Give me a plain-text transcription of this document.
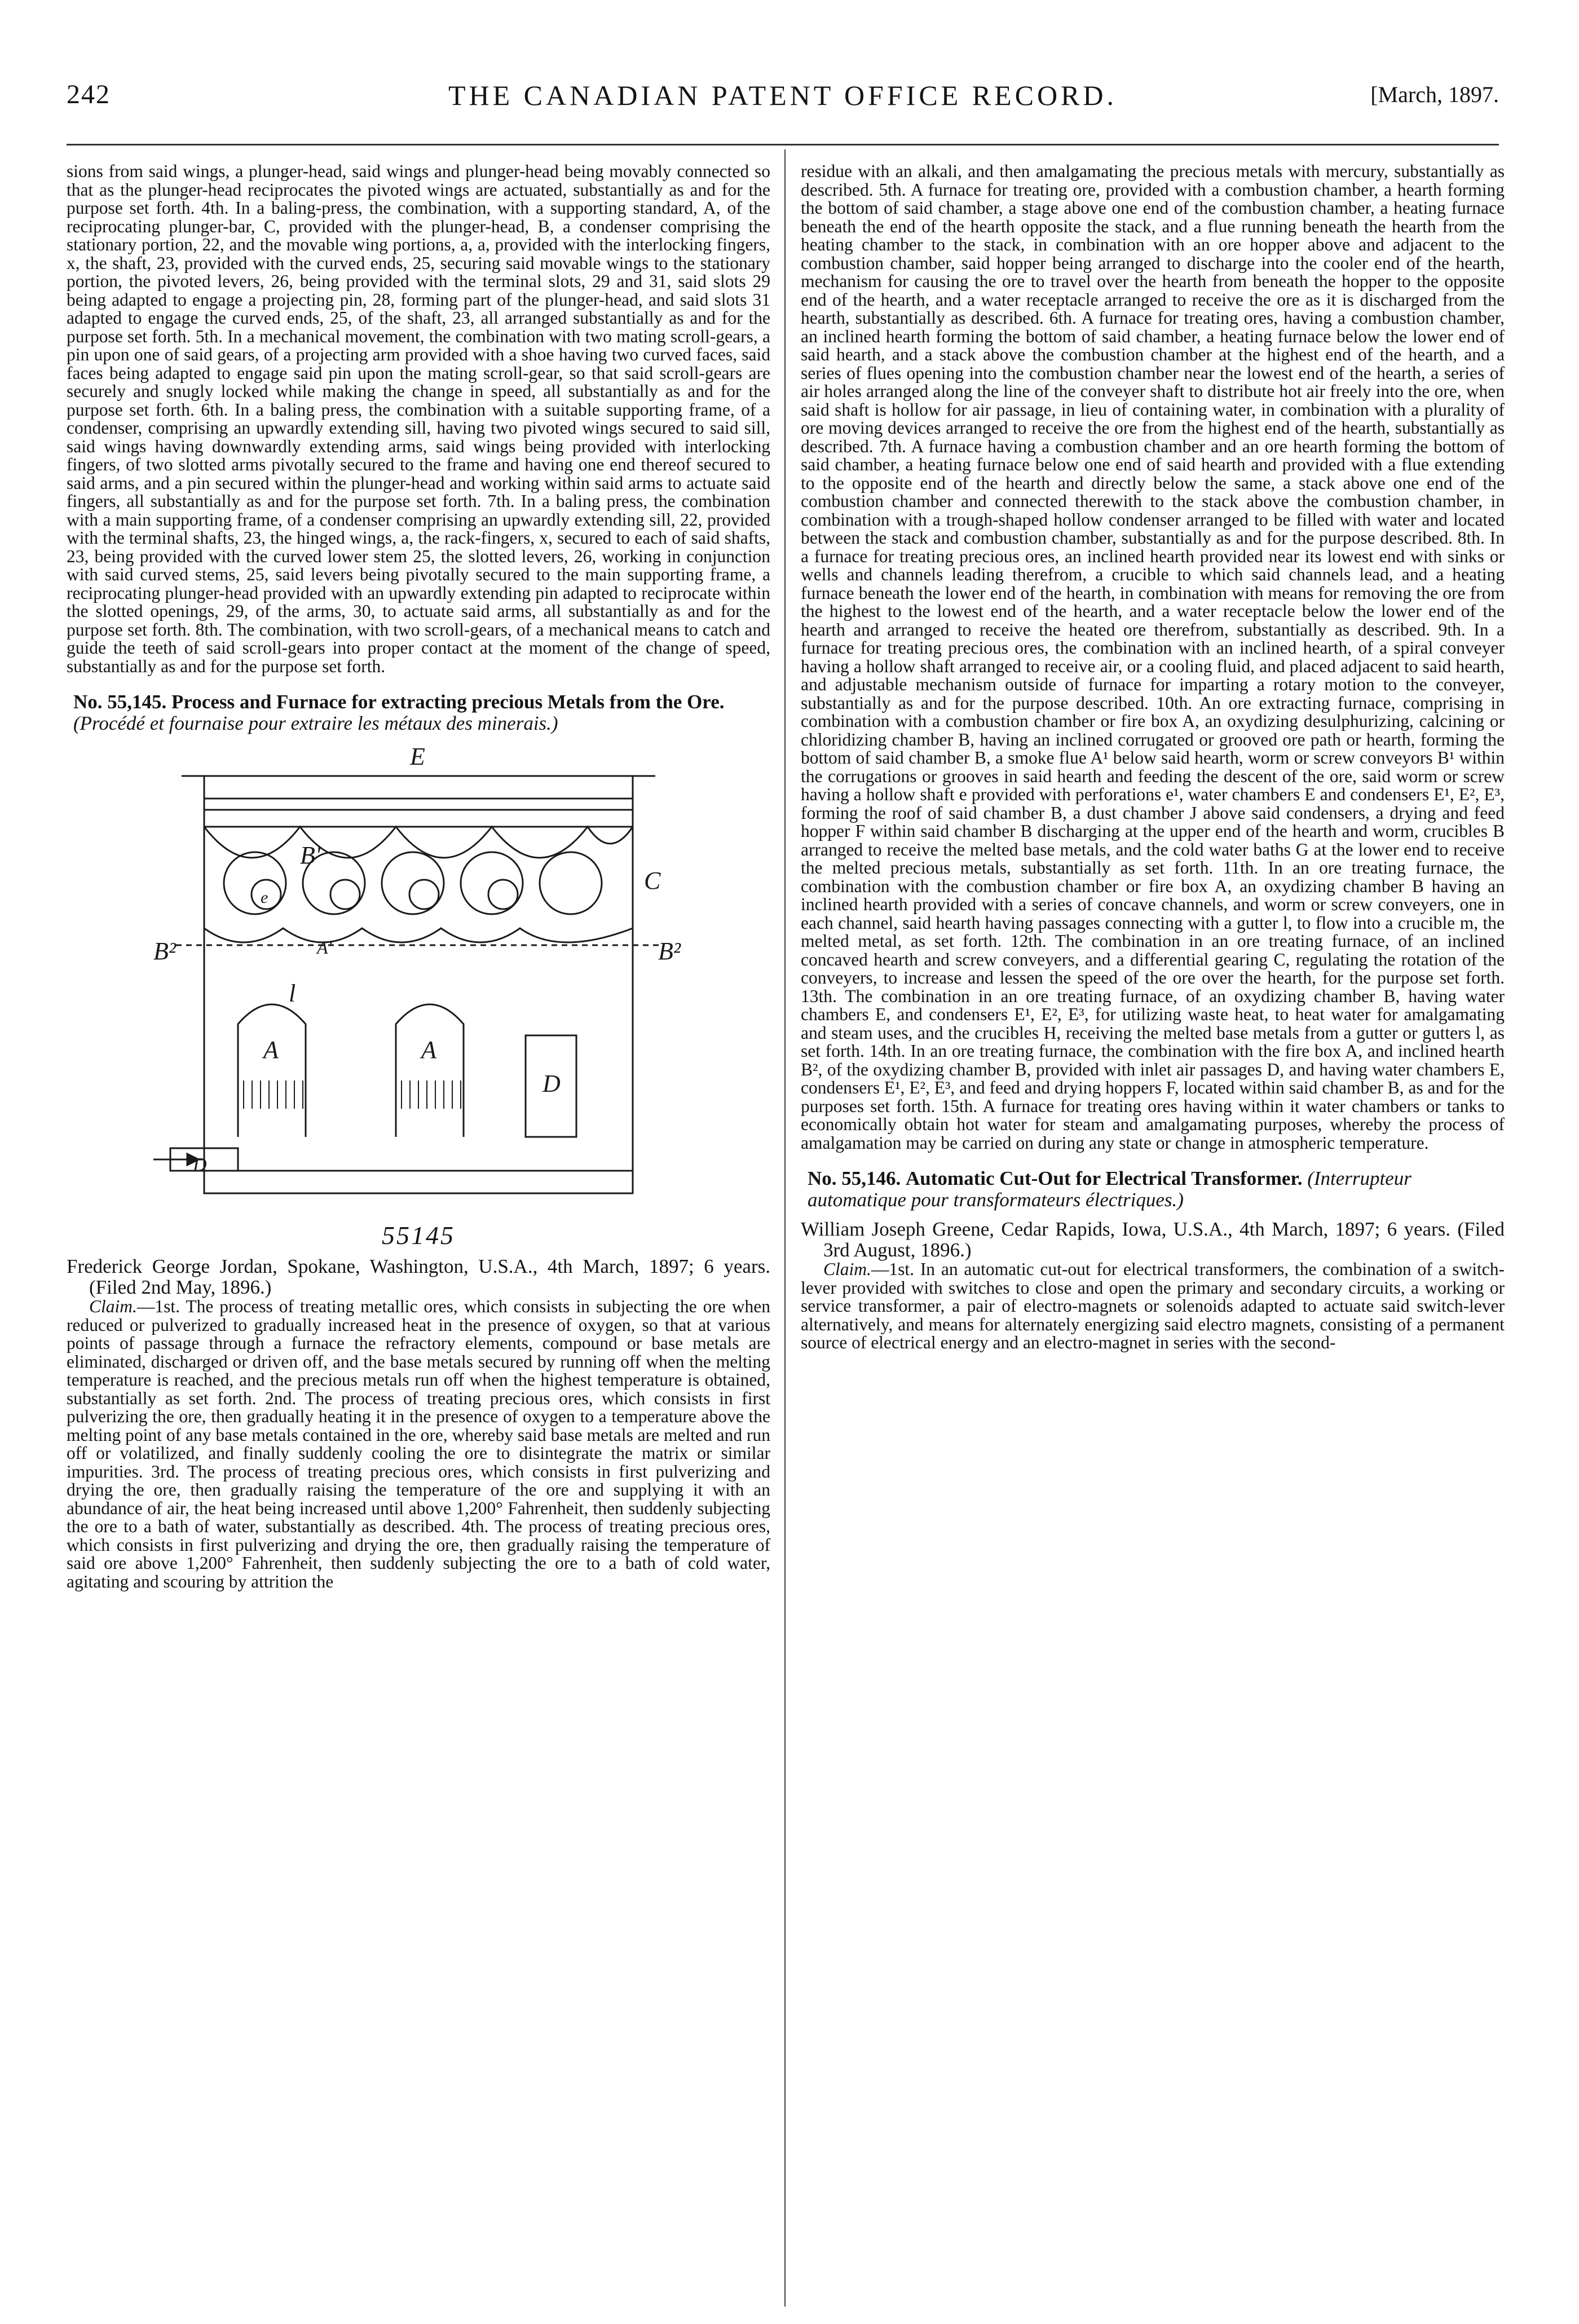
242	THE CANADIAN PATENT OFFICE RECORD.	[March, 1897.

sions from said wings, a plunger-head, said wings and plunger-head being movably connected so that as the plunger-head reciprocates the pivoted wings are actuated, substantially as and for the purpose set forth. 4th. In a baling-press, the combination, with a supporting standard, A, of the reciprocating plunger-bar, C, provided with the plunger-head, B, a condenser comprising the stationary portion, 22, and the movable wing portions, a, a, provided with the interlocking fingers, x, the shaft, 23, provided with the curved ends, 25, securing said movable wings to the stationary portion, the pivoted levers, 26, being provided with the terminal slots, 29 and 31, said slots 29 being adapted to engage a projecting pin, 28, forming part of the plunger-head, and said slots 31 adapted to engage the curved ends, 25, of the shaft, 23, all arranged substantially as and for the purpose set forth. 5th. In a mechanical movement, the combination with two mating scroll-gears, a pin upon one of said gears, of a projecting arm provided with a shoe having two curved faces, said faces being adapted to engage said pin upon the mating scroll-gear, so that said scroll-gears are securely and snugly locked while making the change in speed, all substantially as and for the purpose set forth. 6th. In a baling press, the combination with a suitable supporting frame, of a condenser, comprising an upwardly extending sill, having two pivoted wings secured to said sill, said wings having downwardly extending arms, said wings being provided with interlocking fingers, of two slotted arms pivotally secured to the frame and having one end thereof secured to said arms, and a pin secured within the plunger-head and working within said arms to actuate said fingers, all substantially as and for the purpose set forth. 7th. In a baling press, the combination with a main supporting frame, of a condenser comprising an upwardly extending sill, 22, provided with the terminal shafts, 23, the hinged wings, a, the rack-fingers, x, secured to each of said shafts, 23, being provided with the curved lower stem 25, the slotted levers, 26, working in conjunction with said curved stems, 25, said levers being pivotally secured to the main supporting frame, a reciprocating plunger-head provided with an upwardly extending pin adapted to reciprocate within the slotted openings, 29, of the arms, 30, to actuate said arms, all substantially as and for the purpose set forth. 8th. The combination, with two scroll-gears, of a mechanical means to catch and guide the teeth of said scroll-gears into proper contact at the moment of the change of speed, substantially as and for the purpose set forth.

No. 55,145. Process and Furnace for extracting precious Metals from the Ore. (Procédé et fournaise pour extraire les métaux des minerais.)
E
B'
e
C
B²	B²
A'
l
A	A
D
D
55145

Frederick George Jordan, Spokane, Washington, U.S.A., 4th March, 1897; 6 years. (Filed 2nd May, 1896.)

Claim.—1st. The process of treating metallic ores, which consists in subjecting the ore when reduced or pulverized to gradually increased heat in the presence of oxygen, so that at various points of passage through a furnace the refractory elements, compound or base metals are eliminated, discharged or driven off, and the base metals secured by running off when the melting temperature is reached, and the precious metals run off when the highest temperature is obtained, substantially as set forth. 2nd. The process of treating precious ores, which consists in first pulverizing the ore, then gradually heating it in the presence of oxygen to a temperature above the melting point of any base metals contained in the ore, whereby said base metals are melted and run off or volatilized, and finally suddenly cooling the ore to disintegrate the matrix or similar impurities. 3rd. The process of treating precious ores, which consists in first pulverizing and drying the ore, then gradually raising the temperature of the ore and supplying it with an abundance of air, the heat being increased until above 1,200° Fahrenheit, then suddenly subjecting the ore to a bath of water, substantially as described. 4th. The process of treating precious ores, which consists in first pulverizing and drying the ore, then gradually raising the temperature of said ore above 1,200° Fahrenheit, then suddenly subjecting the ore to a bath of cold water, agitating and scouring by attrition the

residue with an alkali, and then amalgamating the precious metals with mercury, substantially as described. 5th. A furnace for treating ore, provided with a combustion chamber, a hearth forming the bottom of said chamber, a stage above one end of the combustion chamber, a heating furnace beneath the end of the hearth opposite the stack, and a flue running beneath the hearth from the heating chamber to the stack, in combination with an ore hopper above and adjacent to the combustion chamber, said hopper being arranged to discharge into the cooler end of the hearth, mechanism for causing the ore to travel over the hearth from beneath the hopper to the opposite end of the hearth, and a water receptacle arranged to receive the ore as it is discharged from the hearth, substantially as described. 6th. A furnace for treating ores, having a combustion chamber, an inclined hearth forming the bottom of said chamber, a heating furnace below the lower end of said hearth, and a stack above the combustion chamber at the highest end of the hearth, and a series of flues opening into the combustion chamber near the lowest end of the hearth, a series of air holes arranged along the line of the conveyer shaft to distribute hot air freely into the ore, when said shaft is hollow for air passage, in lieu of containing water, in combination with a plurality of ore moving devices arranged to receive the ore from the highest end of the hearth, substantially as described. 7th. A furnace having a combustion chamber and an ore hearth forming the bottom of said chamber, a heating furnace below one end of said hearth and provided with a flue extending to the opposite end of the hearth and directly below the same, a stack above one end of the combustion chamber and connected therewith to the stack above the combustion chamber, in combination with a trough-shaped hollow condenser arranged to be filled with water and located between the stack and combustion chamber, substantially as and for the purpose described. 8th. In a furnace for treating precious ores, an inclined hearth provided near its lowest end with sinks or wells and channels leading therefrom, a crucible to which said channels lead, and a heating furnace beneath the lower end of the hearth, in combination with means for removing the ore from the highest to the lowest end of the hearth, and a water receptacle below the lower end of the hearth and arranged to receive the heated ore therefrom, substantially as described. 9th. In a furnace for treating precious ores, the combination with an inclined hearth, of a spiral conveyer having a hollow shaft arranged to receive air, or a cooling fluid, and placed adjacent to said hearth, and adjustable mechanism outside of furnace for imparting a rotary motion to the conveyer, substantially as and for the purpose described. 10th. An ore extracting furnace, comprising in combination with a combustion chamber or fire box A, an oxydizing desulphurizing, calcining or chloridizing chamber B, having an inclined corrugated or grooved ore path or hearth, forming the bottom of said chamber B, a smoke flue A¹ below said hearth, worm or screw conveyors B¹ within the corrugations or grooves in said hearth and feeding the descent of the ore, said worm or screw having a hollow shaft e provided with perforations e¹, water chambers E and condensers E¹, E², E³, forming the roof of said chamber B, a dust chamber J above said condensers, a drying and feed hopper F within said chamber B discharging at the upper end of the hearth and worm, crucibles B arranged to receive the melted base metals, and the cold water baths G at the lower end to receive the melted precious metals, substantially as set forth. 11th. In an ore treating furnace, the combination with the combustion chamber or fire box A, an oxydizing chamber B having an inclined hearth provided with a series of concave channels, and worm or screw conveyers, one in each channel, said hearth having passages connecting with a gutter l, to flow into a crucible m, the melted metal, as set forth. 12th. The combination in an ore treating furnace, of an inclined concaved hearth and screw conveyers, and a differential gearing C, regulating the rotation of the conveyers, to increase and lessen the speed of the ore over the hearth, for the purpose set forth. 13th. The combination in an ore treating furnace, of an oxydizing chamber B, having water chambers E, and condensers E¹, E², E³, for utilizing waste heat, to heat water for amalgamating and steam uses, and the crucibles H, receiving the melted base metals from a gutter or gutters l, as set forth. 14th. In an ore treating furnace, the combination with the fire box A, and inclined hearth B², of the oxydizing chamber B, provided with inlet air passages D, and having water chambers E, condensers E¹, E², E³, and feed and drying hoppers F, located within said chamber B, as and for the purposes set forth. 15th. A furnace for treating ores having within it water chambers or tanks to economically obtain hot water for steam and amalgamating purposes, whereby the process of amalgamation may be carried on during any state or change in atmospheric temperature.

No. 55,146. Automatic Cut-Out for Electrical Transformer. (Interrupteur automatique pour transformateurs électriques.)

William Joseph Greene, Cedar Rapids, Iowa, U.S.A., 4th March, 1897; 6 years. (Filed 3rd August, 1896.)

Claim.—1st. In an automatic cut-out for electrical transformers, the combination of a switch-lever provided with switches to close and open the primary and secondary circuits, a working or service transformer, a pair of electro-magnets or solenoids adapted to actuate said switch-lever alternatively, and means for alternately energizing said electro magnets, consisting of a permanent source of electrical energy and an electro-magnet in series with the second-
